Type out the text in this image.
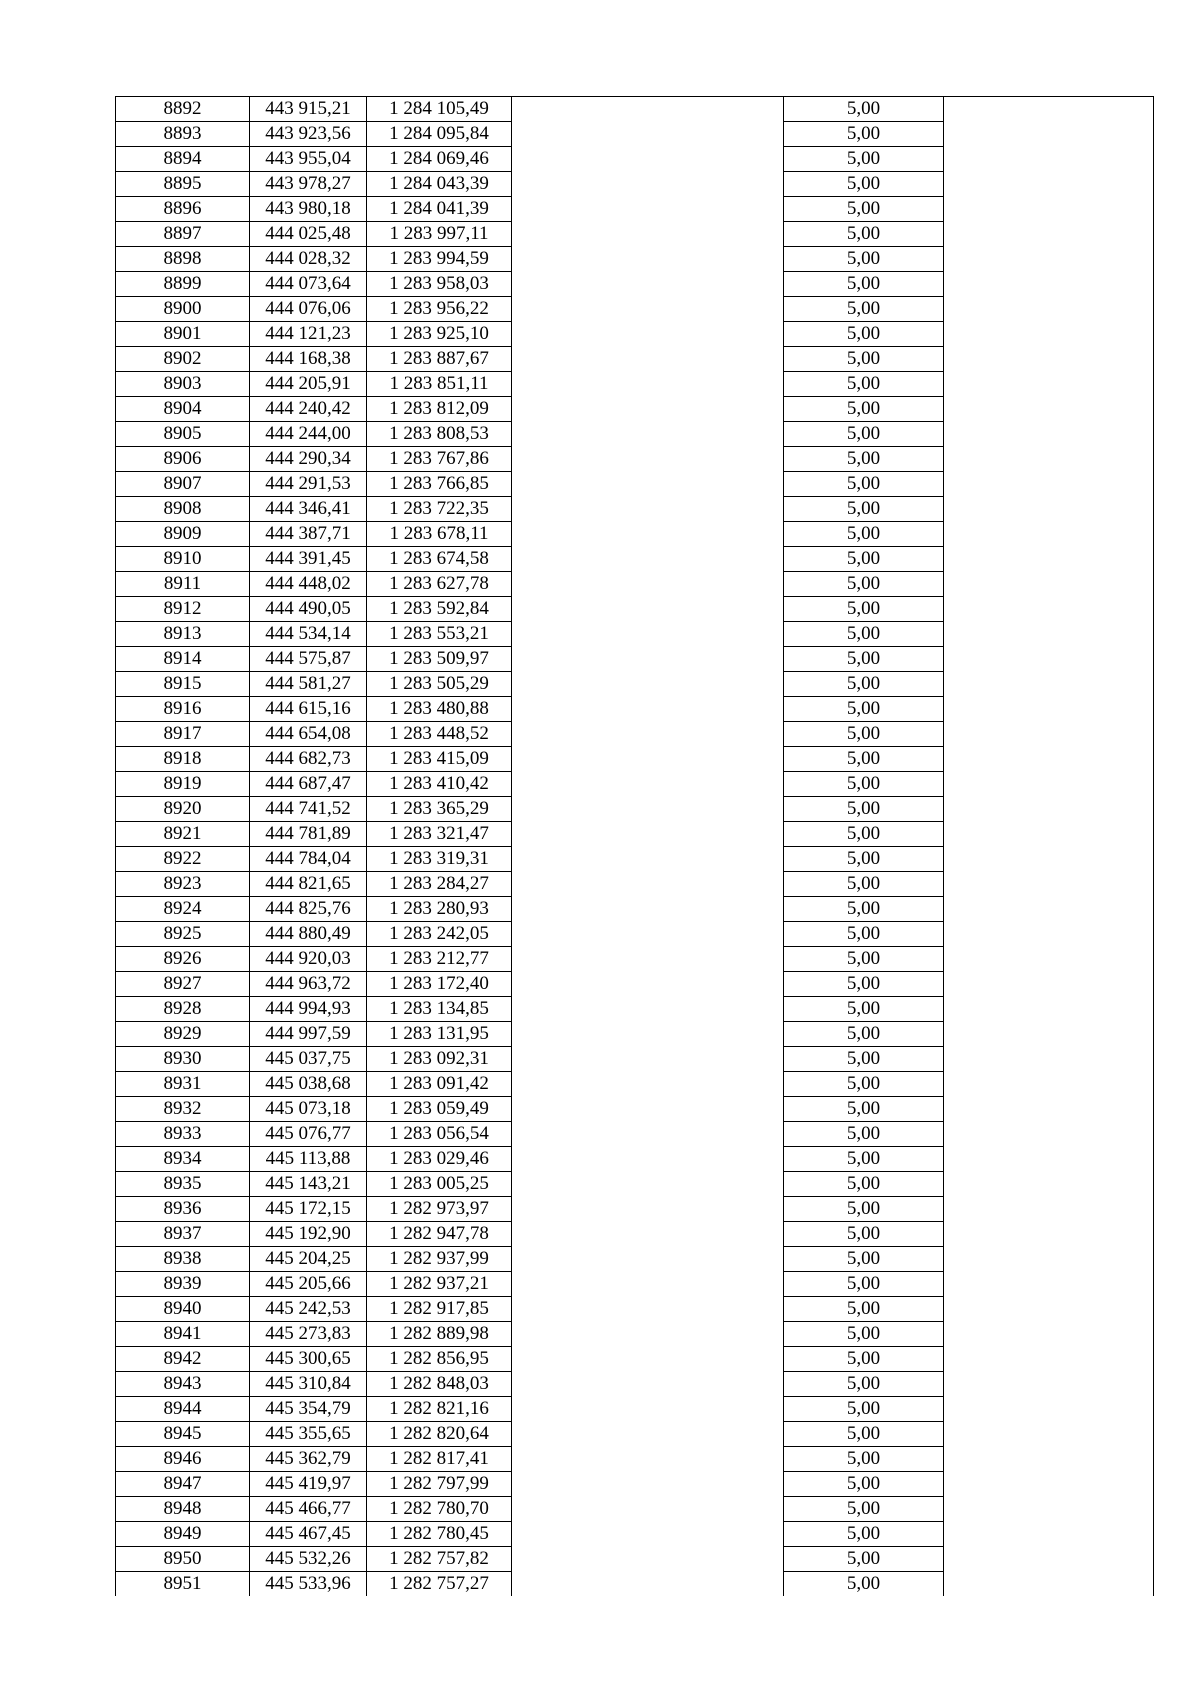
8892	443 915,21	1 284 105,49		5,00	
8893	443 923,56	1 284 095,84		5,00	
8894	443 955,04	1 284 069,46		5,00	
8895	443 978,27	1 284 043,39		5,00	
8896	443 980,18	1 284 041,39		5,00	
8897	444 025,48	1 283 997,11		5,00	
8898	444 028,32	1 283 994,59		5,00	
8899	444 073,64	1 283 958,03		5,00	
8900	444 076,06	1 283 956,22		5,00	
8901	444 121,23	1 283 925,10		5,00	
8902	444 168,38	1 283 887,67		5,00	
8903	444 205,91	1 283 851,11		5,00	
8904	444 240,42	1 283 812,09		5,00	
8905	444 244,00	1 283 808,53		5,00	
8906	444 290,34	1 283 767,86		5,00	
8907	444 291,53	1 283 766,85		5,00	
8908	444 346,41	1 283 722,35		5,00	
8909	444 387,71	1 283 678,11		5,00	
8910	444 391,45	1 283 674,58		5,00	
8911	444 448,02	1 283 627,78		5,00	
8912	444 490,05	1 283 592,84		5,00	
8913	444 534,14	1 283 553,21		5,00	
8914	444 575,87	1 283 509,97		5,00	
8915	444 581,27	1 283 505,29		5,00	
8916	444 615,16	1 283 480,88		5,00	
8917	444 654,08	1 283 448,52		5,00	
8918	444 682,73	1 283 415,09		5,00	
8919	444 687,47	1 283 410,42		5,00	
8920	444 741,52	1 283 365,29		5,00	
8921	444 781,89	1 283 321,47		5,00	
8922	444 784,04	1 283 319,31		5,00	
8923	444 821,65	1 283 284,27		5,00	
8924	444 825,76	1 283 280,93		5,00	
8925	444 880,49	1 283 242,05		5,00	
8926	444 920,03	1 283 212,77		5,00	
8927	444 963,72	1 283 172,40		5,00	
8928	444 994,93	1 283 134,85		5,00	
8929	444 997,59	1 283 131,95		5,00	
8930	445 037,75	1 283 092,31		5,00	
8931	445 038,68	1 283 091,42		5,00	
8932	445 073,18	1 283 059,49		5,00	
8933	445 076,77	1 283 056,54		5,00	
8934	445 113,88	1 283 029,46		5,00	
8935	445 143,21	1 283 005,25		5,00	
8936	445 172,15	1 282 973,97		5,00	
8937	445 192,90	1 282 947,78		5,00	
8938	445 204,25	1 282 937,99		5,00	
8939	445 205,66	1 282 937,21		5,00	
8940	445 242,53	1 282 917,85		5,00	
8941	445 273,83	1 282 889,98		5,00	
8942	445 300,65	1 282 856,95		5,00	
8943	445 310,84	1 282 848,03		5,00	
8944	445 354,79	1 282 821,16		5,00	
8945	445 355,65	1 282 820,64		5,00	
8946	445 362,79	1 282 817,41		5,00	
8947	445 419,97	1 282 797,99		5,00	
8948	445 466,77	1 282 780,70		5,00	
8949	445 467,45	1 282 780,45		5,00	
8950	445 532,26	1 282 757,82		5,00	
8951	445 533,96	1 282 757,27		5,00	
